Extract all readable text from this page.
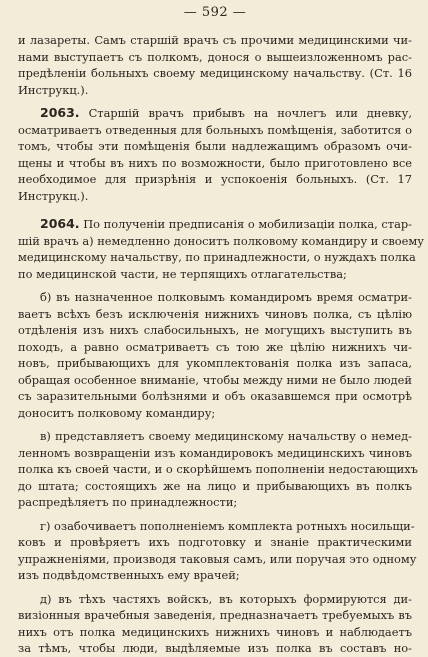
— 592 —
и лазареты. Самъ старшій врачъ съ прочими медицинскими чи-
нами выступаетъ съ полкомъ, донося о вышеизложенномъ рас-
предѣленіи больныхъ своему медицинскому начальству. (Ст. 16
Инструкц.).
2063. Старшій врачъ прибывъ на ночлегъ или дневку,
осматриваетъ отведенныя для больныхъ помѣщенія, заботится о
томъ, чтобы эти помѣщенія были надлежащимъ образомъ очи-
щены и чтобы въ нихъ по возможности, было приготовлено все
необходимое для призрѣнія и успокоенія больныхъ. (Ст. 17
Инструкц.).
2064. По полученіи предписанія о мобилизаціи полка, стар-
шій врачъ а) немедленно доноситъ полковому командиру и своему
медицинскому начальству, по принадлежности, о нуждахъ полка
по медицинской части, не терпящихъ отлагательства;
б) въ назначенное полковымъ командиромъ время осматри-
ваетъ всѣхъ безъ исключенія нижнихъ чиновъ полка, съ цѣлію
отдѣленія изъ нихъ слабосильныхъ, не могущихъ выступить въ
походъ, а равно осматриваетъ съ тою же цѣлію нижнихъ чи-
новъ, прибывающихъ для укомплектованія полка изъ запаса,
обращая особенное вниманіе, чтобы между ними не было людей
съ заразительными болѣзнями и объ оказавшемся при осмотрѣ
доноситъ полковому командиру;
в) представляетъ своему медицинскому начальству о немед-
ленномъ возвращеніи изъ командировокъ медицинскихъ чиновъ
полка къ своей части, и о скорѣйшемъ пополненіи недостающихъ
до штата; состоящихъ же на лицо и прибывающихъ въ полкъ
распредѣляетъ по принадлежности;
г) озабочиваетъ пополненіемъ комплекта ротныхъ носильщи-
ковъ и провѣряетъ ихъ подготовку и знаніе практическими
упражненіями, производя таковыя самъ, или поручая это одному
изъ подвѣдомственныхъ ему врачей;
д) въ тѣхъ частяхъ войскъ, въ которыхъ формируются ди-
визіонныя врачебныя заведенія, предназначаетъ требуемыхъ въ
нихъ отъ полка медицинскихъ нижнихъ чиновъ и наблюдаетъ
за тѣмъ, чтобы люди, выдѣляемые изъ полка въ составъ но-
